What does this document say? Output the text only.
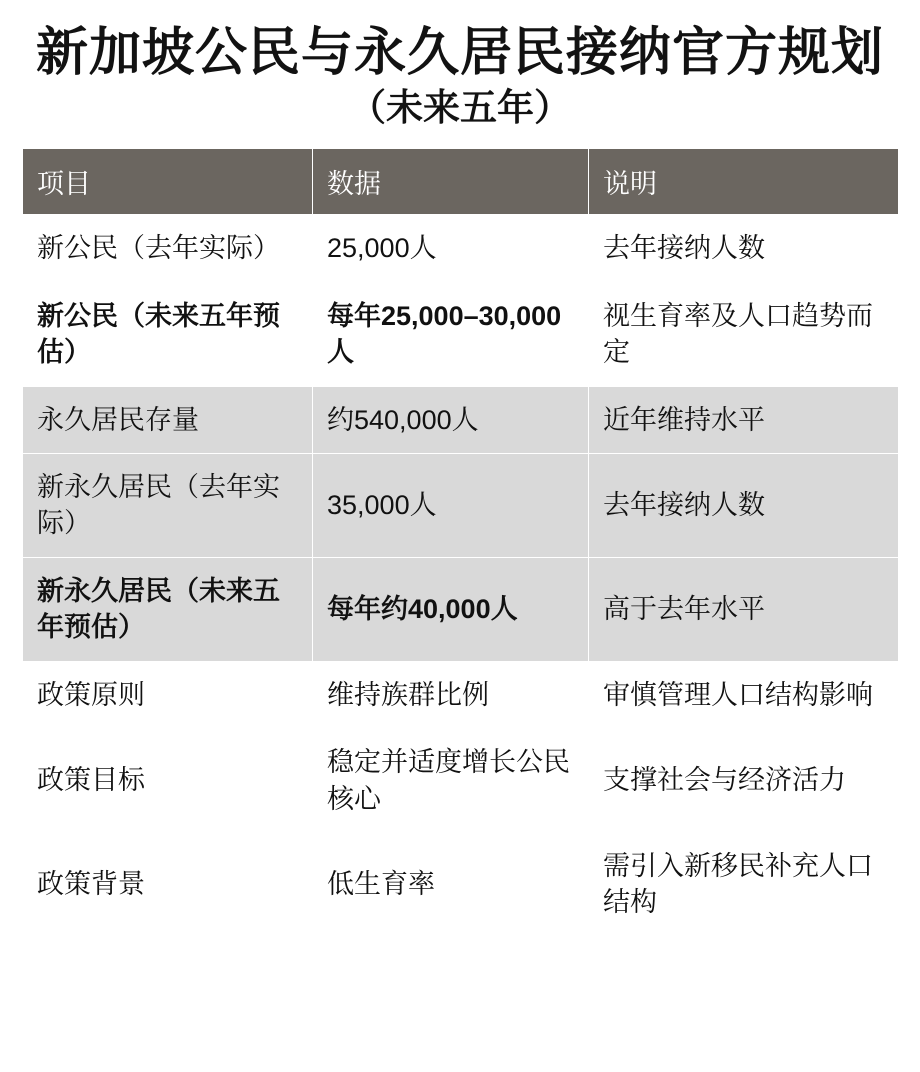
新加坡公民与永久居民接纳官方规划
（未来五年）
项目	数据	说明
新公民（去年实际）	25,000人	去年接纳人数
新公民（未来五年预估）	每年25,000–30,000人	视生育率及人口趋势而定
永久居民存量	约540,000人	近年维持水平
新永久居民（去年实际）	35,000人	去年接纳人数
新永久居民（未来五年预估）	每年约40,000人	高于去年水平
政策原则	维持族群比例	审慎管理人口结构影响
政策目标	稳定并适度增长公民核心	支撑社会与经济活力
政策背景	低生育率	需引入新移民补充人口结构
